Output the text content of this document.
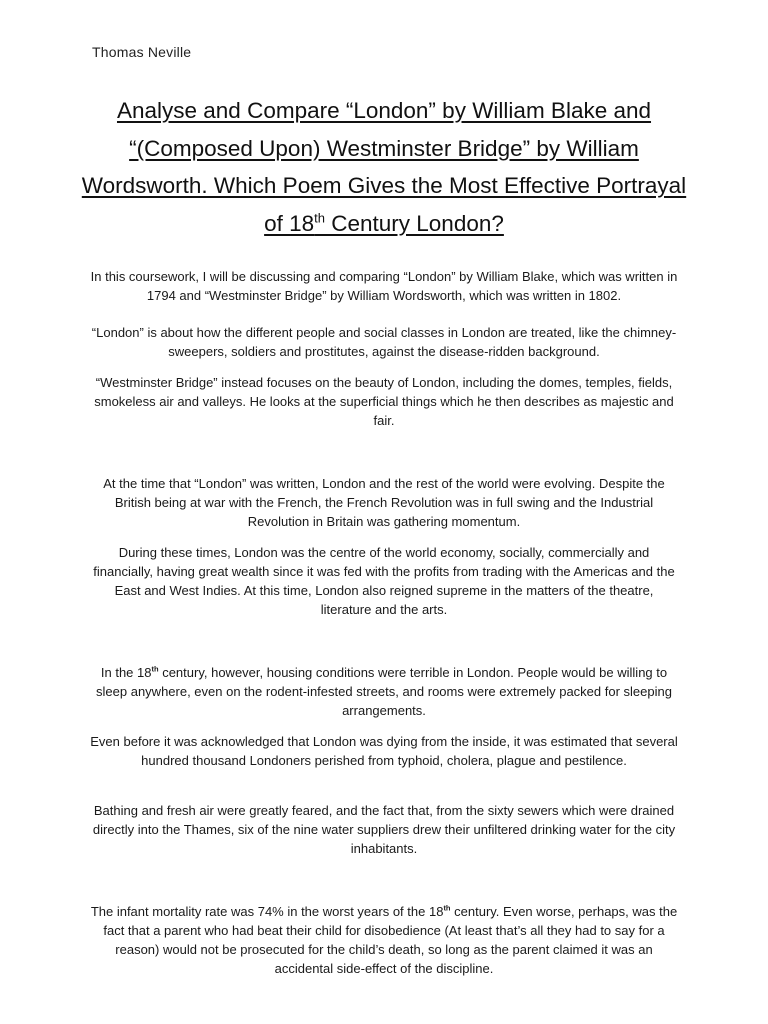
Thomas Neville
Analyse and Compare “London” by William Blake and “(Composed Upon) Westminster Bridge” by William Wordsworth. Which Poem Gives the Most Effective Portrayal of 18th Century London?

In this coursework, I will be discussing and comparing “London” by William Blake, which was written in 1794 and “Westminster Bridge” by William Wordsworth, which was written in 1802.

“London” is about how the different people and social classes in London are treated, like the chimney-sweepers, soldiers and prostitutes, against the disease-ridden background.

“Westminster Bridge” instead focuses on the beauty of London, including the domes, temples, fields, smokeless air and valleys. He looks at the superficial things which he then describes as majestic and fair.

At the time that “London” was written, London and the rest of the world were evolving. Despite the British being at war with the French, the French Revolution was in full swing and the Industrial Revolution in Britain was gathering momentum.

During these times, London was the centre of the world economy, socially, commercially and financially, having great wealth since it was fed with the profits from trading with the Americas and the East and West Indies. At this time, London also reigned supreme in the matters of the theatre, literature and the arts.

In the 18th century, however, housing conditions were terrible in London. People would be willing to sleep anywhere, even on the rodent-infested streets, and rooms were extremely packed for sleeping arrangements.

Even before it was acknowledged that London was dying from the inside, it was estimated that several hundred thousand Londoners perished from typhoid, cholera, plague and pestilence.

Bathing and fresh air were greatly feared, and the fact that, from the sixty sewers which were drained directly into the Thames, six of the nine water suppliers drew their unfiltered drinking water for the city inhabitants.

The infant mortality rate was 74% in the worst years of the 18th century. Even worse, perhaps, was the fact that a parent who had beat their child for disobedience (At least that’s all they had to say for a reason) would not be prosecuted for the child’s death, so long as the parent claimed it was an accidental side-effect of the discipline.
